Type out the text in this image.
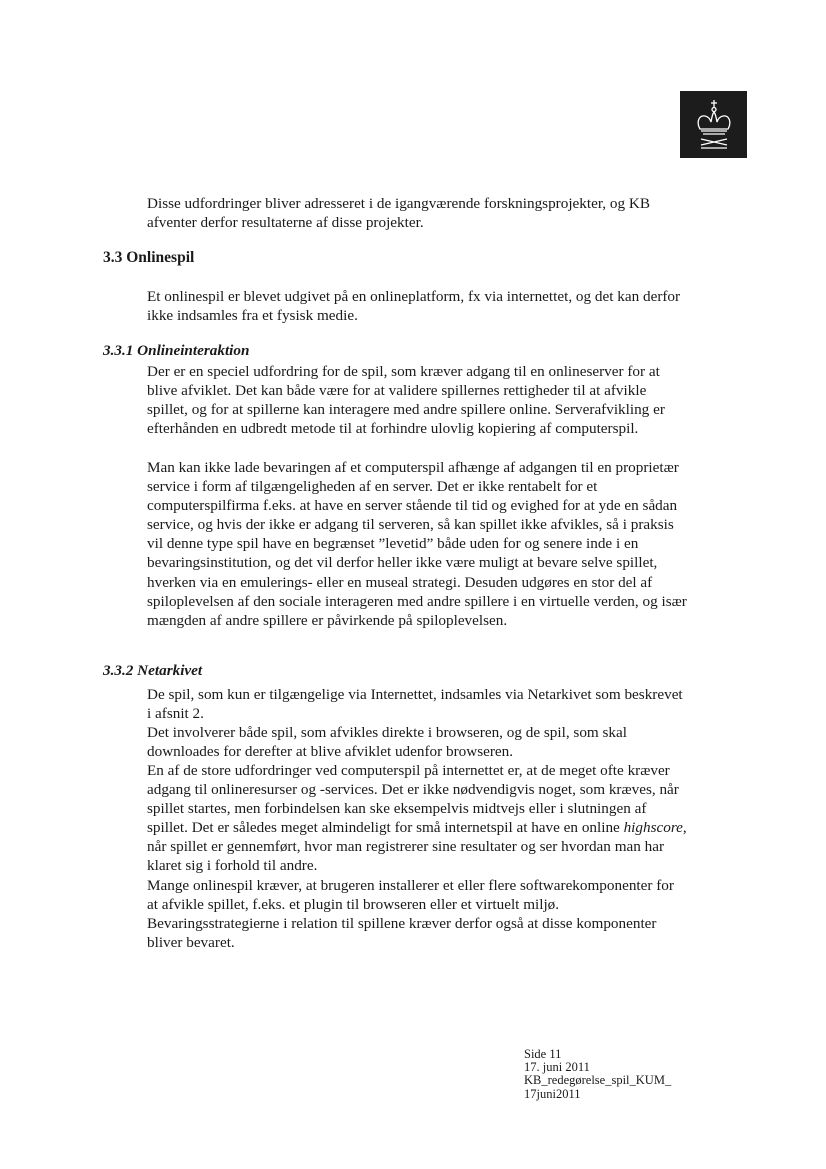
Disse udfordringer bliver adresseret i de igangværende forskningsprojekter, og KB afventer derfor resultaterne af disse projekter.

3.3 Onlinespil

Et onlinespil er blevet udgivet på en onlineplatform, fx via internettet, og det kan derfor ikke indsamles fra et fysisk medie.

3.3.1 Onlineinteraktion

Der er en speciel udfordring for de spil, som kræver adgang til en onlineserver for at blive afviklet. Det kan både være for at validere spillernes rettigheder til at afvikle spillet, og for at spillerne kan interagere med andre spillere online. Serverafvikling er efterhånden en udbredt metode til at forhindre ulovlig kopiering af computerspil.

Man kan ikke lade bevaringen af et computerspil afhænge af adgangen til en proprietær service i form af tilgængeligheden af en server. Det er ikke rentabelt for et computerspilfirma f.eks. at have en server stående til tid og evighed for at yde en sådan service, og hvis der ikke er adgang til serveren, så kan spillet ikke afvikles, så i praksis vil denne type spil have en begrænset ”levetid” både uden for og senere inde i en bevaringsinstitution, og det vil derfor heller ikke være muligt at bevare selve spillet, hverken via en emulerings- eller en museal strategi. Desuden udgøres en stor del af spiloplevelsen af den sociale interageren med andre spillere i en virtuelle verden, og især mængden af andre spillere er påvirkende på spiloplevelsen.

3.3.2 Netarkivet

De spil, som kun er tilgængelige via Internettet, indsamles via Netarkivet som beskrevet i afsnit 2.

Det involverer både spil, som afvikles direkte i browseren, og de spil, som skal downloades for derefter at blive afviklet udenfor browseren.

En af de store udfordringer ved computerspil på internettet er, at de meget ofte kræver adgang til onlineresurser og -services. Det er ikke nødvendigvis noget, som kræves, når spillet startes, men forbindelsen kan ske eksempelvis midtvejs eller i slutningen af spillet. Det er således meget almindeligt for små internetspil at have en online highscore, når spillet er gennemført, hvor man registrerer sine resultater og ser hvordan man har klaret sig i forhold til andre.

Mange onlinespil kræver, at brugeren installerer et eller flere softwarekomponenter for at afvikle spillet, f.eks. et plugin til browseren eller et virtuelt miljø.

Bevaringsstrategierne i relation til spillene kræver derfor også at disse komponenter bliver bevaret.

Side 11
17. juni 2011
KB_redegørelse_spil_KUM_
17juni2011
